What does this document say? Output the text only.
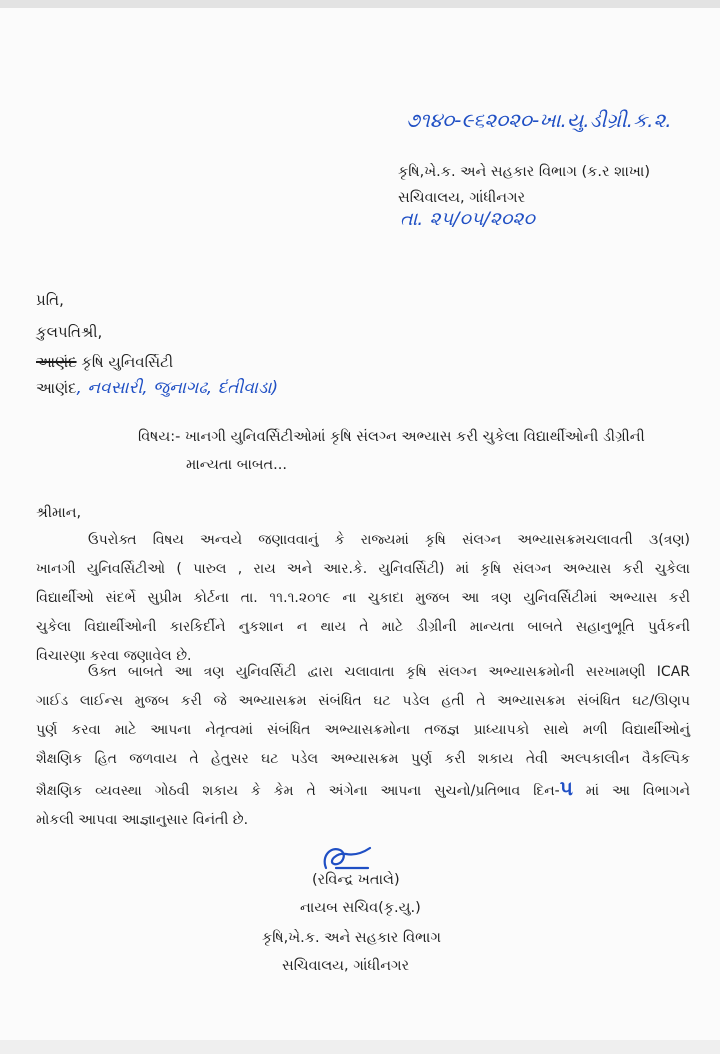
૭૧૪૦-૯૬૨૦૨૦-ખા.યુ.ડીગ્રી.ક.૨.
કૃષિ,ખે.ક. અને સહકાર વિભાગ (ક.ર શાખા)
સચિવાલય, ગાંધીનગર
તા. ૨૫/૦૫/૨૦૨૦
પ્રતિ,
કુલપતિશ્રી,
આણંદ કૃષિ યુનિવર્સિટી
આણંદ, નવસારી, જુનાગઢ, દંતીવાડા)
વિષય:- ખાનગી યુનિવર્સિટીઓમાં કૃષિ સંલગ્ન અભ્યાસ કરી ચુકેલા વિદ્યાર્થીઓની ડીગ્રીની
માન્યતા બાબત...
શ્રીમાન,
ઉપરોક્ત વિષય અન્વયે જણાવવાનું કે રાજ્યમાં કૃષિ સંલગ્ન અભ્યાસક્રમચલાવતી ૩(ત્રણ)
ખાનગી યુનિવર્સિટીઓ ( પારુલ , રાય અને આર.કે. યુનિવર્સિટી) માં કૃષિ સંલગ્ન અભ્યાસ કરી ચુકેલા
વિદ્યાર્થીઓ સંદર્ભે સુપ્રીમ કોર્ટના તા. ૧૧.૧.૨૦૧૯ ના ચુકાદા મુજબ આ ત્રણ યુનિવર્સિટીમાં અભ્યાસ કરી
ચુકેલા વિદ્યાર્થીઓની કારકિર્દીને નુકશાન ન થાય તે માટે ડીગ્રીની માન્યતા બાબતે સહાનુભૂતિ પુર્વકની
વિચારણા કરવા જણાવેલ છે.
ઉક્ત બાબતે આ ત્રણ યુનિવર્સિટી દ્વારા ચલાવાતા કૃષિ સંલગ્ન અભ્યાસક્રમોની સરખામણી ICAR
ગાઈડ લાઈન્સ મુજબ કરી જે અભ્યાસક્રમ સંબંધિત ઘટ પડેલ હતી તે અભ્યાસક્રમ સંબંધિત ઘટ/ઊણપ
પુર્ણ કરવા માટે આપના નેતૃત્વમાં સંબંધિત અભ્યાસક્રમોના તજજ્ઞ પ્રાધ્યાપકો સાથે મળી વિદ્યાર્થીઓનું
શૈક્ષણિક હિત જળવાય તે હેતુસર ઘટ પડેલ અભ્યાસક્રમ પુર્ણ કરી શકાય તેવી અલ્પકાલીન વૈકલ્પિક
શૈક્ષણિક વ્યવસ્થા ગોઠવી શકાય કે કેમ તે અંગેના આપના સુચનો/પ્રતિભાવ દિન-૫ માં આ વિભાગને
મોકલી આપવા આજ્ઞાનુસાર વિનંતી છે.
(રવિન્દ્ર ખતાલે)
નાયબ સચિવ(કૃ.યુ.)
કૃષિ,ખે.ક. અને સહકાર વિભાગ
સચિવાલય, ગાંધીનગર
